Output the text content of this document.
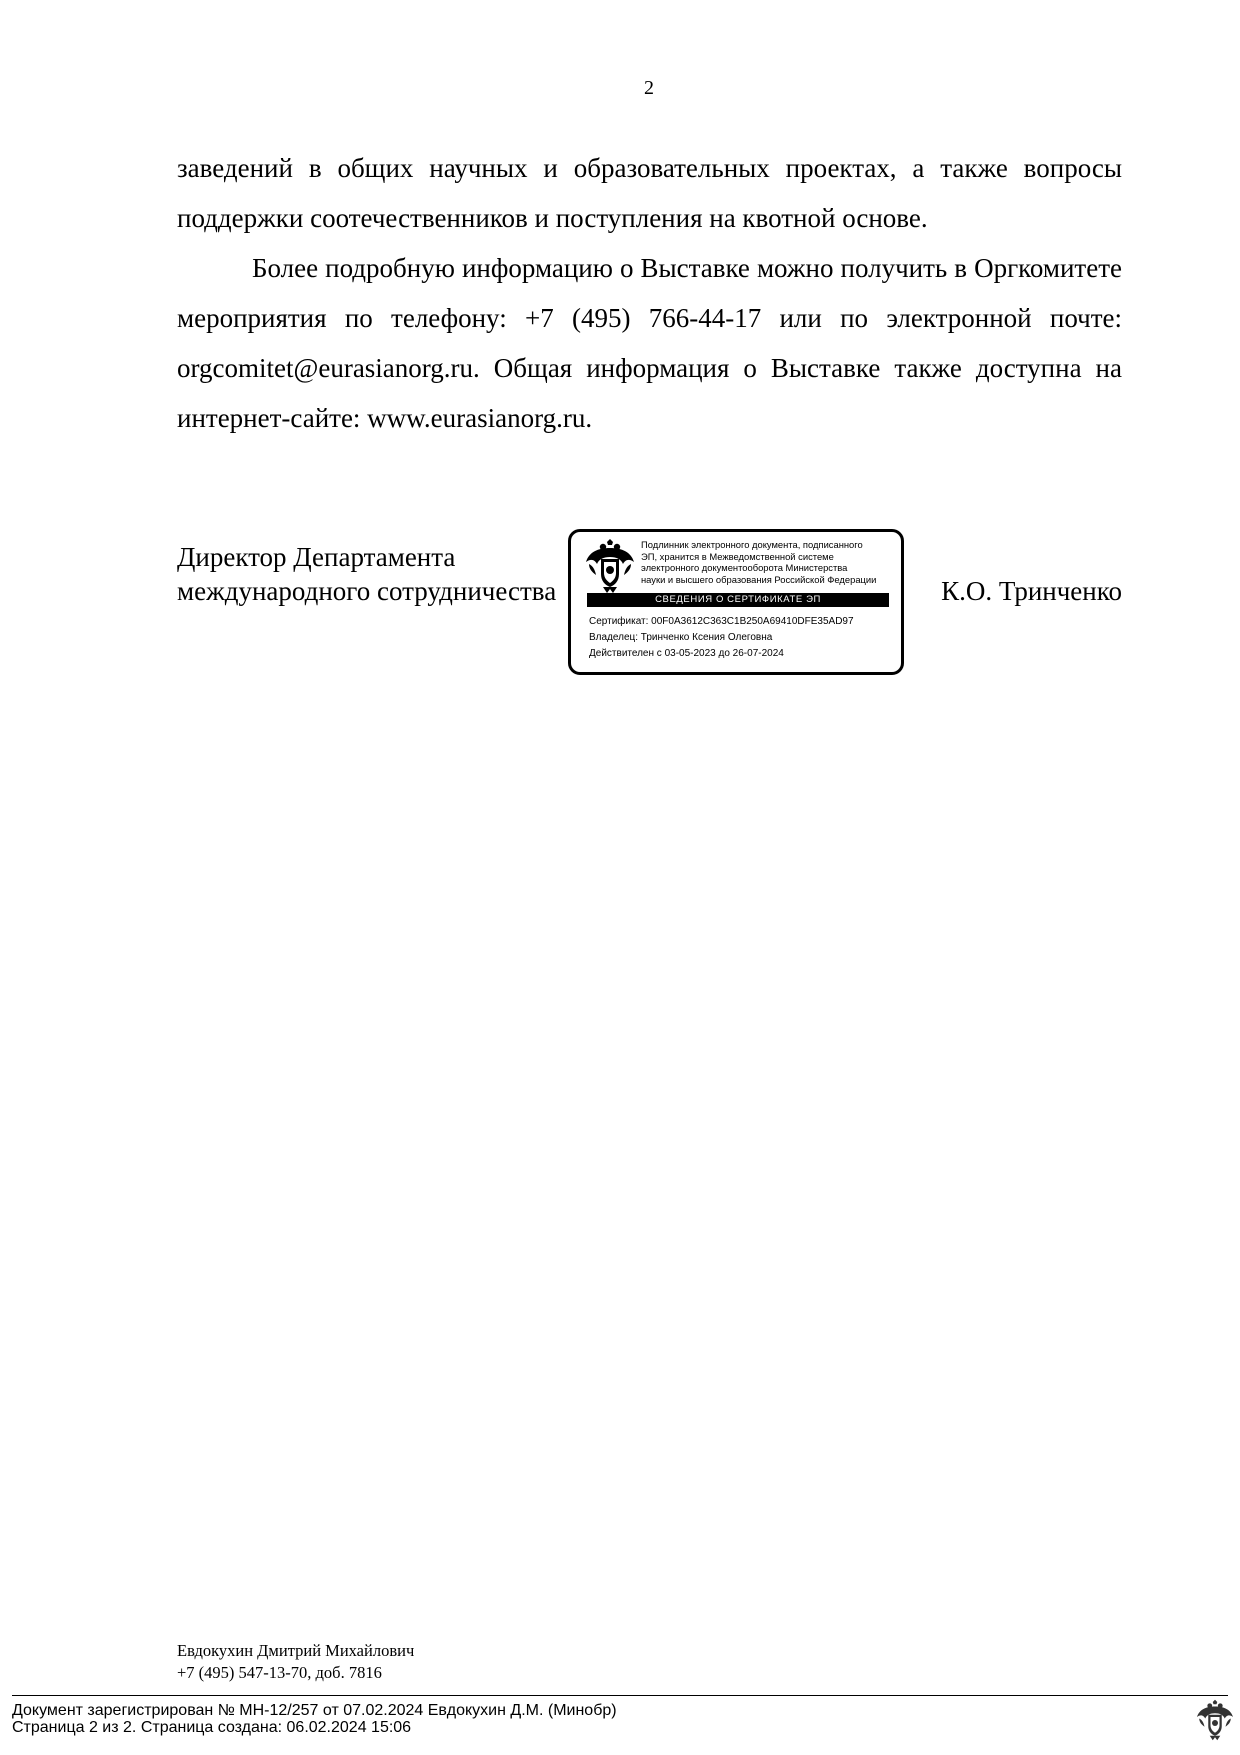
2

заведений в общих научных и образовательных проектах, а также вопросы поддержки соотечественников и поступления на квотной основе.

Более подробную информацию о Выставке можно получить в Оргкомитете мероприятия по телефону: +7 (495) 766-44-17 или по электронной почте: orgcomitet@eurasianorg.ru. Общая информация о Выставке также доступна на интернет-сайте: www.eurasianorg.ru.

Директор Департамента
международного сотрудничества	К.О. Тринченко
Подлинник электронного документа, подписанного
ЭП, хранится в Межведомственной системе
электронного документооборота Министерства
науки и высшего образования Российской Федерации
СВЕДЕНИЯ О СЕРТИФИКАТЕ ЭП
Сертификат: 00F0A3612C363C1B250A69410DFE35AD97
Владелец: Тринченко Ксения Олеговна
Действителен с 03-05-2023 до 26-07-2024
Евдокухин Дмитрий Михайлович
+7 (495) 547-13-70, доб. 7816
Документ зарегистрирован № МН-12/257 от 07.02.2024 Евдокухин Д.М. (Минобр)
Страница 2 из 2. Страница создана: 06.02.2024 15:06
